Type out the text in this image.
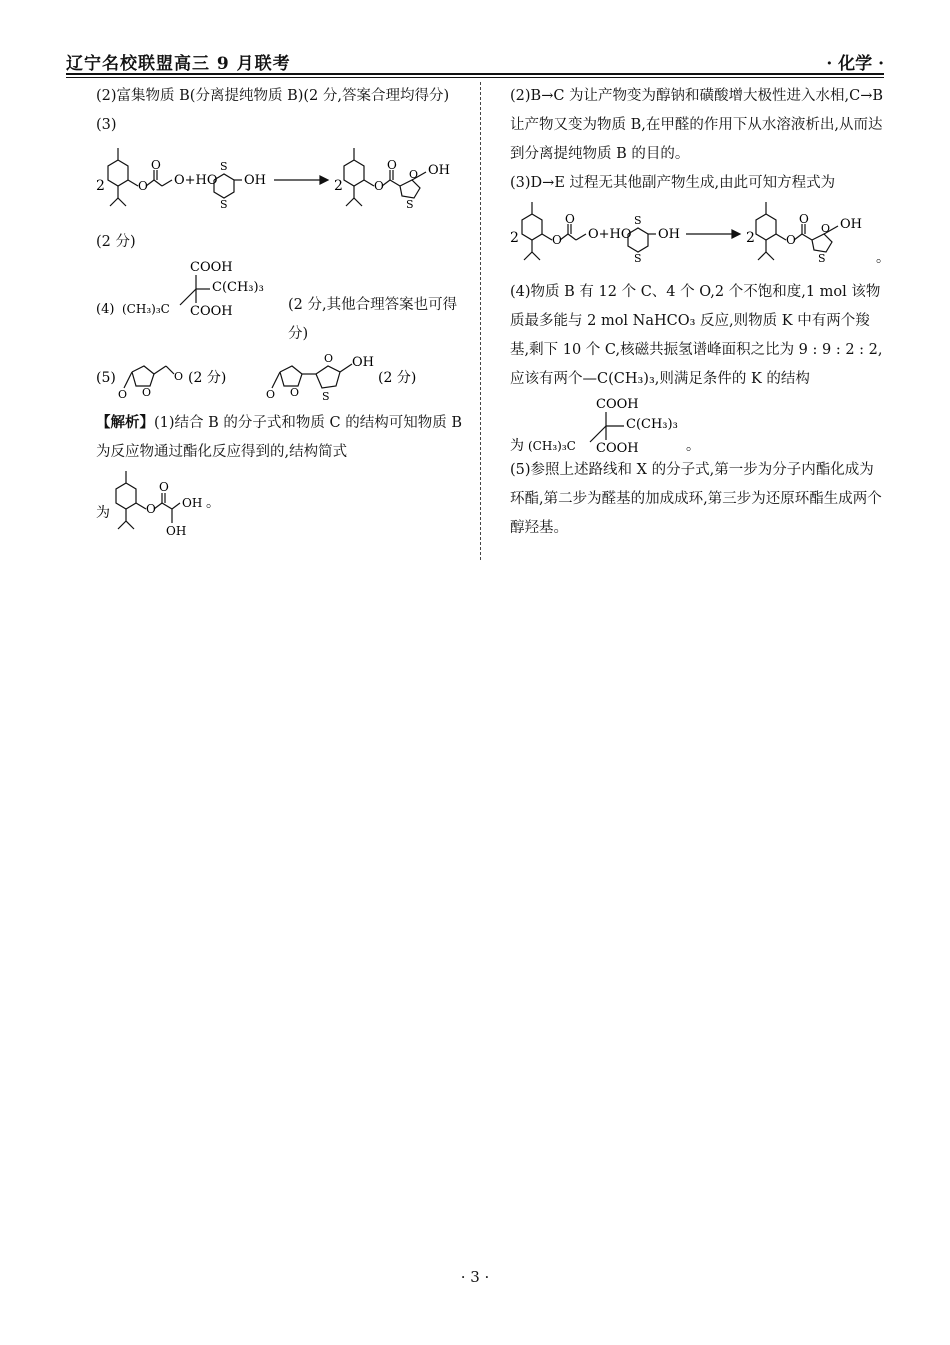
辽宁名校联盟高三 9 月联考	· 化学 ·

(2)富集物质 B(分离提纯物质 B)(2 分,答案合理均得分)

(3)

2	O
O
O+HO
S
S
OH	2	O
O
O
S
OH

(2 分)

COOH
C(CH₃)₃
(4) (CH₃)₃C COOH	(2 分,其他合理答案也可得分)

(5)	O
O
O
(2 分)
O
O
O
S
OH
(2 分)

【解析】(1)结合 B 的分子式和物质 C 的结构可知物质 B 为反应物通过酯化反应得到的,结构简式

为	O
O
OH 。
OH

(2)B→C 为让产物变为醇钠和磺酸增大极性进入水相,C→B 让产物又变为物质 B,在甲醛的作用下从水溶液析出,从而达到分离提纯物质 B 的目的。

(3)D→E 过程无其他副产物生成,由此可知方程式为

2	O
O
O+HO
S
S
OH	2	O
O
O
S
OH
。

(4)物质 B 有 12 个 C、4 个 O,2 个不饱和度,1 mol 该物质最多能与 2 mol NaHCO₃ 反应,则物质 K 中有两个羧基,剩下 10 个 C,核磁共振氢谱峰面积之比为 9 : 9 : 2 : 2,应该有两个—C(CH₃)₃,则满足条件的 K 的结构

COOH
C(CH₃)₃
为 (CH₃)₃C COOH	。

(5)参照上述路线和 X 的分子式,第一步为分子内酯化成为环酯,第二步为醛基的加成成环,第三步为还原环酯生成两个醇羟基。

· 3 ·
